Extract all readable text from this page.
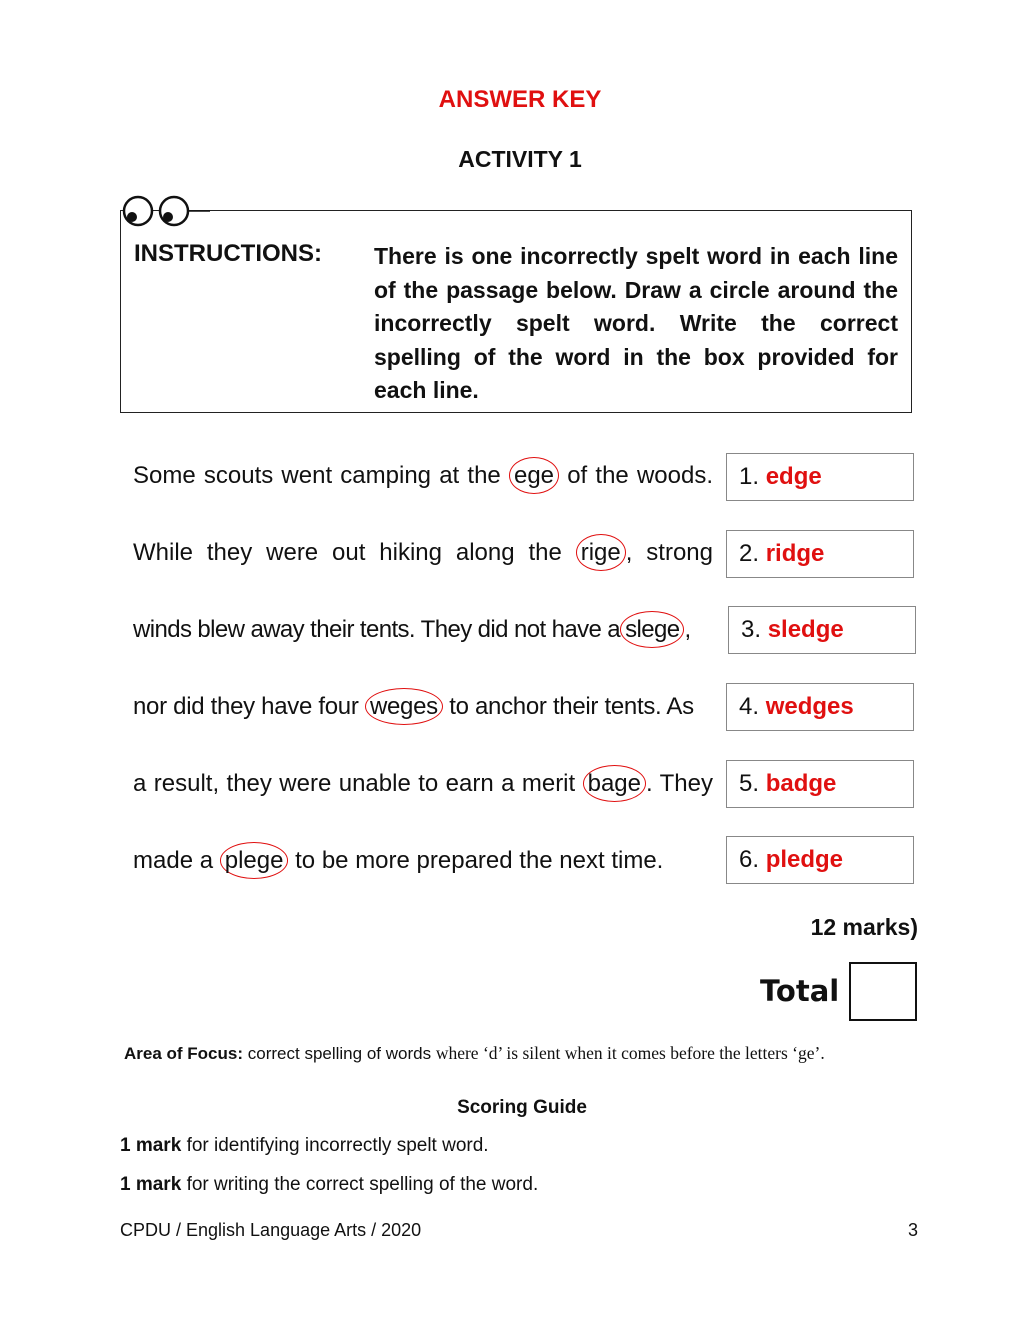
ANSWER KEY
ACTIVITY 1
INSTRUCTIONS: There is one incorrectly spelt word in each line of the passage below. Draw a circle around the incorrectly spelt word. Write the correct spelling of the word in the box provided for each line.
Some scouts went camping at the ege of the woods.
While they were out hiking along the rige , strong
winds blew away their tents. They did not have a slege ,
nor did they have four weges to anchor their tents. As
a result, they were unable to earn a merit bage . They
made a plege to be more prepared the next time.
1. edge
2. ridge
3. sledge
4. wedges
5. badge
6. pledge
12 marks)
Total
Area of Focus: correct spelling of words where ‘d’ is silent when it comes before the letters ‘ge’.
Scoring Guide
1 mark for identifying incorrectly spelt word.
1 mark for writing the correct spelling of the word.
CPDU / English Language Arts / 2020	3
